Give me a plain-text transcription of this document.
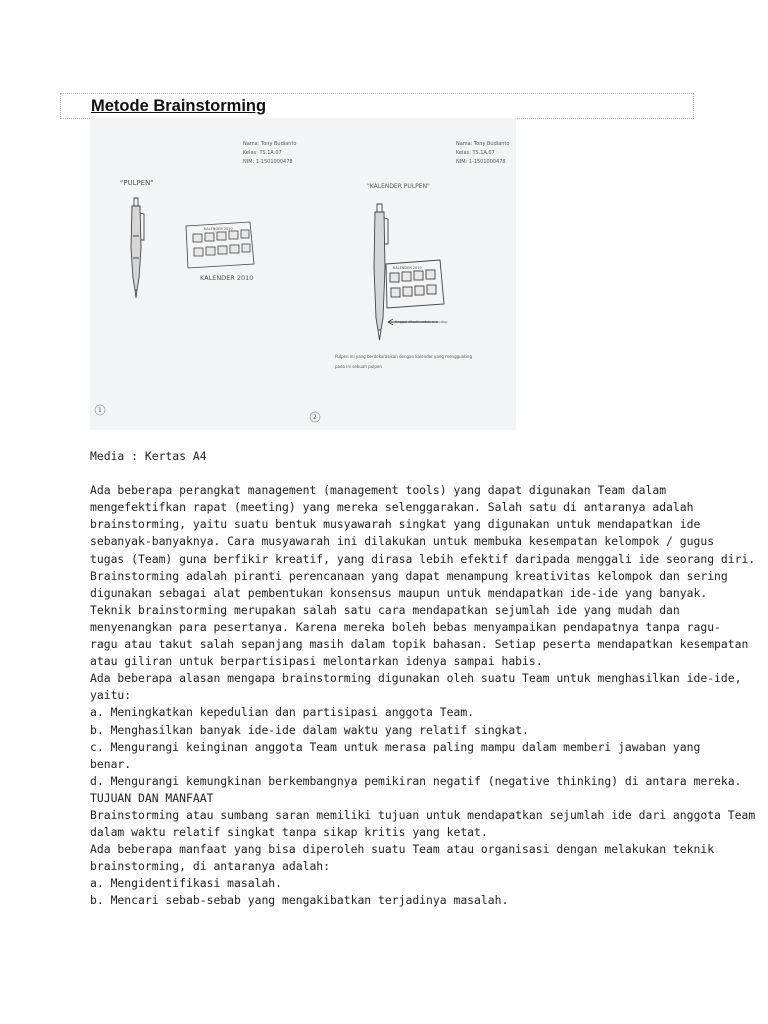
Metode Brainstorming
Nama: Tony Budianto
Kelas: TS.1A.07
NIM: 1-1501000478
"PULPEN"
KALENDER 2010
KALENDER 2010
1
Nama: Tony Budianto
Kelas: TS.1A.07
NIM: 1-1501000478
"KALENDER PULPEN"
KALENDER 2010
tinggal ditarik untuk menutup
Pulpen ini yang berdekorasikan dengan kalender yang menggunting
pada ini sebuah pulpen
2
Media : Kertas A4
Ada beberapa perangkat management (management tools) yang dapat digunakan Team dalam
mengefektifkan rapat (meeting) yang mereka selenggarakan. Salah satu di antaranya adalah
brainstorming, yaitu suatu bentuk musyawarah singkat yang digunakan untuk mendapatkan ide
sebanyak-banyaknya. Cara musyawarah ini dilakukan untuk membuka kesempatan kelompok / gugus
tugas (Team) guna berfikir kreatif, yang dirasa lebih efektif daripada menggali ide seorang diri.
Brainstorming adalah piranti perencanaan yang dapat menampung kreativitas kelompok dan sering
digunakan sebagai alat pembentukan konsensus maupun untuk mendapatkan ide-ide yang banyak.
Teknik brainstorming merupakan salah satu cara mendapatkan sejumlah ide yang mudah dan
menyenangkan para pesertanya. Karena mereka boleh bebas menyampaikan pendapatnya tanpa ragu-
ragu atau takut salah sepanjang masih dalam topik bahasan. Setiap peserta mendapatkan kesempatan
atau giliran untuk berpartisipasi melontarkan idenya sampai habis.
Ada beberapa alasan mengapa brainstorming digunakan oleh suatu Team untuk menghasilkan ide-ide,
yaitu:
a. Meningkatkan kepedulian dan partisipasi anggota Team.
b. Menghasilkan banyak ide-ide dalam waktu yang relatif singkat.
c. Mengurangi keinginan anggota Team untuk merasa paling mampu dalam memberi jawaban yang
benar.
d. Mengurangi kemungkinan berkembangnya pemikiran negatif (negative thinking) di antara mereka.
TUJUAN DAN MANFAAT
Brainstorming atau sumbang saran memiliki tujuan untuk mendapatkan sejumlah ide dari anggota Team
dalam waktu relatif singkat tanpa sikap kritis yang ketat.
Ada beberapa manfaat yang bisa diperoleh suatu Team atau organisasi dengan melakukan teknik
brainstorming, di antaranya adalah:
a. Mengidentifikasi masalah.
b. Mencari sebab-sebab yang mengakibatkan terjadinya masalah.
